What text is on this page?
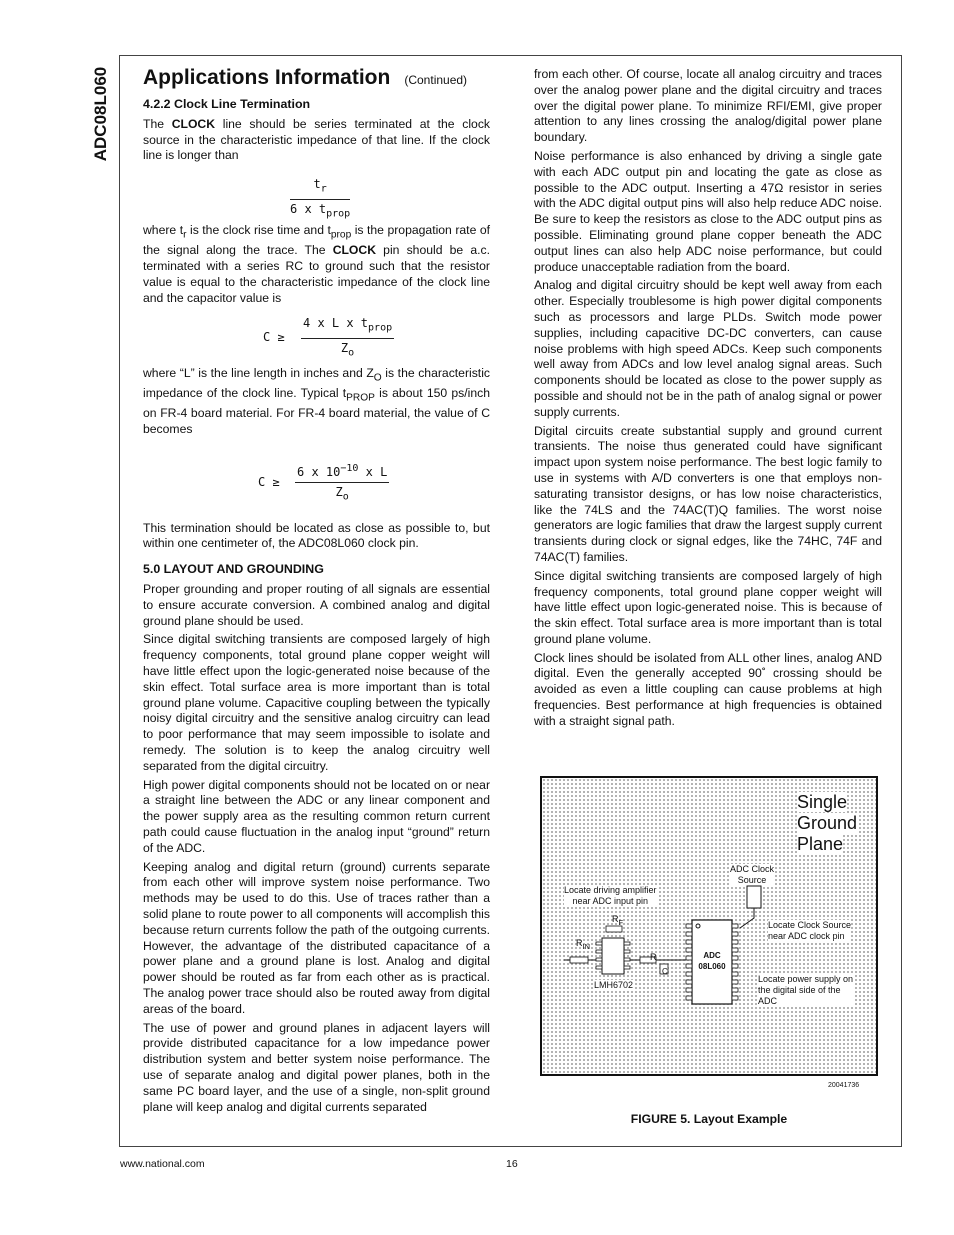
ADC08L060 Applications Information (Continued)
4.2.2 Clock Line Termination

The CLOCK line should be series terminated at the clock source in the characteristic impedance of that line. If the clock line is longer than

$t_r$
6 x $t_{prop}$

where $t_r$ is the clock rise time and $t_{prop}$ is the propagation rate of the signal along the trace. The CLOCK pin should be a.c. terminated with a series RC to ground such that the resistor value is equal to the characteristic impedance of the clock line and the capacitor value is

C ≥
4 x L x $t_{prop}$
$Z_o$

where “L” is the line length in inches and $Z_O$ is the characteristic impedance of the clock line. Typical $t_{PROP}$ is about 150 ps/inch on FR-4 board material. For FR-4 board material, the value of C becomes

$C \ge \frac{6 x 10^{-10} x L}{Z_o}$

This termination should be located as close as possible to, but within one centimeter of, the ADC08L060 clock pin.

5.0 LAYOUT AND GROUNDING

Proper grounding and proper routing of all signals are essential to ensure accurate conversion. A combined analog and digital ground plane should be used.

Since digital switching transients are composed largely of high frequency components, total ground plane copper weight will have little effect upon the logic-generated noise because of the skin effect. Total surface area is more important than is total ground plane volume. Capacitive coupling between the typically noisy digital circuitry and the sensitive analog circuitry can lead to poor performance that may seem impossible to isolate and remedy. The solution is to keep the analog circuitry well separated from the digital circuitry.

High power digital components should not be located on or near a straight line between the ADC or any linear component and the power supply area as the resulting common return current path could cause fluctuation in the analog input “ground” return of the ADC.

Keeping analog and digital return (ground) currents separate from each other will improve system noise performance. Two methods may be used to do this. Use of traces rather than a solid plane to route power to all components will accomplish this because return currents follow the path of the outgoing currents. However, the advantage of the distributed capacitance of a power plane and a ground plane is lost. Analog and digital power should be routed as far from each other as is practical. The analog power trace should also be routed away from digital areas of the board.

The use of power and ground planes in adjacent layers will provide distributed capacitance for a low impedance power distribution system and better system noise performance. The use of separate analog and digital power planes, both in the same PC board layer, and the use of a single, non-split ground plane will keep analog and digital currents separated

from each other. Of course, locate all analog circuitry and traces over the analog power plane and the digital circuitry and traces over the digital power plane. To minimize RFI/EMI, give proper attention to any lines crossing the analog/digital power plane boundary.

Noise performance is also enhanced by driving a single gate with each ADC output pin and locating the gate as close as possible to the ADC output. Inserting a 47Ω resistor in series with the ADC digital output pins will also help reduce ADC noise. Be sure to keep the resistors as close to the ADC output pins as possible. Eliminating ground plane copper beneath the ADC output lines can also help ADC noise performance, but could produce unacceptable radiation from the board.

Analog and digital circuitry should be kept well away from each other. Especially troublesome is high power digital components such as processors and large PLDs. Switch mode power supplies, including capacitive DC-DC converters, can cause noise problems with high speed ADCs. Keep such components well away from ADCs and low level analog signal areas. Such components should be located as close to the power supply as possible and should not be in the path of analog signal or power supply currents.

Digital circuits create substantial supply and ground current transients. The noise thus generated could have significant impact upon system noise performance. The best logic family to use in systems with A/D converters is one that employs non-saturating transistor designs, or has low noise characteristics, like the 74LS and the 74AC(T)Q families. The worst noise generators are logic families that draw the largest supply current transients during clock or signal edges, like the 74HC, 74F and 74AC(T) families.

Since digital switching transients are composed largely of high frequency components, total ground plane copper weight will have little effect upon logic-generated noise. This is because of the skin effect. Total surface area is more important than is total ground plane volume.

Clock lines should be isolated from ALL other lines, analog AND digital. Even the generally accepted 90˚ crossing should be avoided as even a little coupling can cause problems at high frequencies. Best performance at high frequencies is obtained with a straight signal path.

Single
Ground
Plane
ADC Clock
Source
Locate driving amplifier
near ADC input pin
$R_F$
$R_{IN}$
LMH6702
R
C
ADC
08L060
Locate Clock Source
near ADC clock pin
Locate power supply on
the digital side of the
ADC
20041736
FIGURE 5. Layout Example
www.national.com	16
